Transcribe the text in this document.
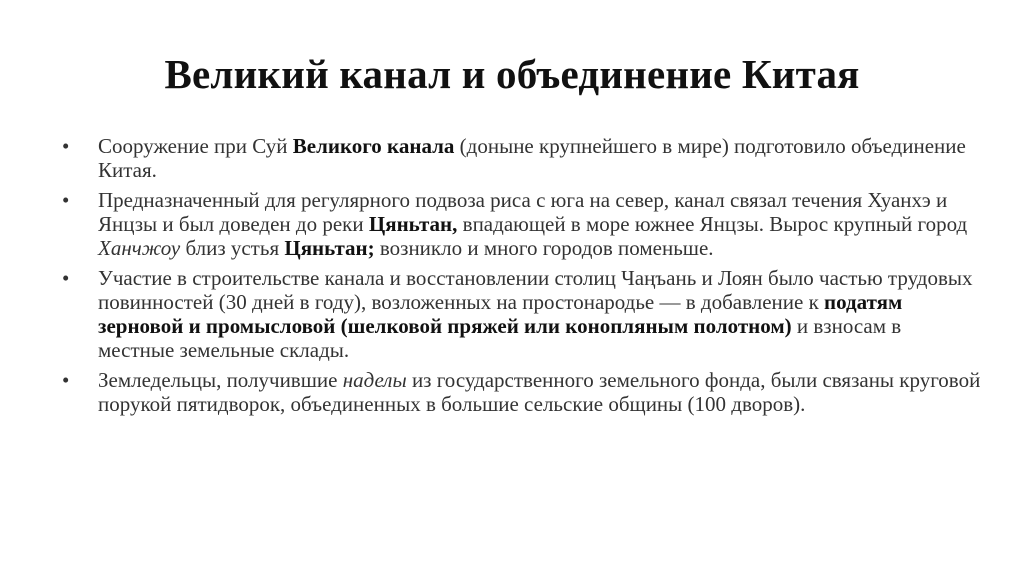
Великий канал и объединение Китая
•	Сооружение при Суй Великого канала (доныне крупнейшего в мире) подготовило объединение Китая.
•	Предназначенный для регулярного подвоза риса с юга на север, канал связал течения Хуанхэ и Янцзы и был доведен до реки Цяньтан, впадающей в море южнее Янцзы. Вырос крупный город Ханчжоу близ устья Цяньтан; возникло и много городов поменьше.
•	Участие в строительстве канала и восстановлении столиц Чаңъань и Лоян было частью трудовых повинностей (30 дней в году), возложенных на простонародье — в добавление к податям зерновой и промысловой (шелковой пряжей или конопляным полотном) и взносам в местные земельные склады.
•	Земледельцы, получившие наделы из государственного земельного фонда, были связаны круговой порукой пятидворок, объединенных в большие сельские общины (100 дворов).
